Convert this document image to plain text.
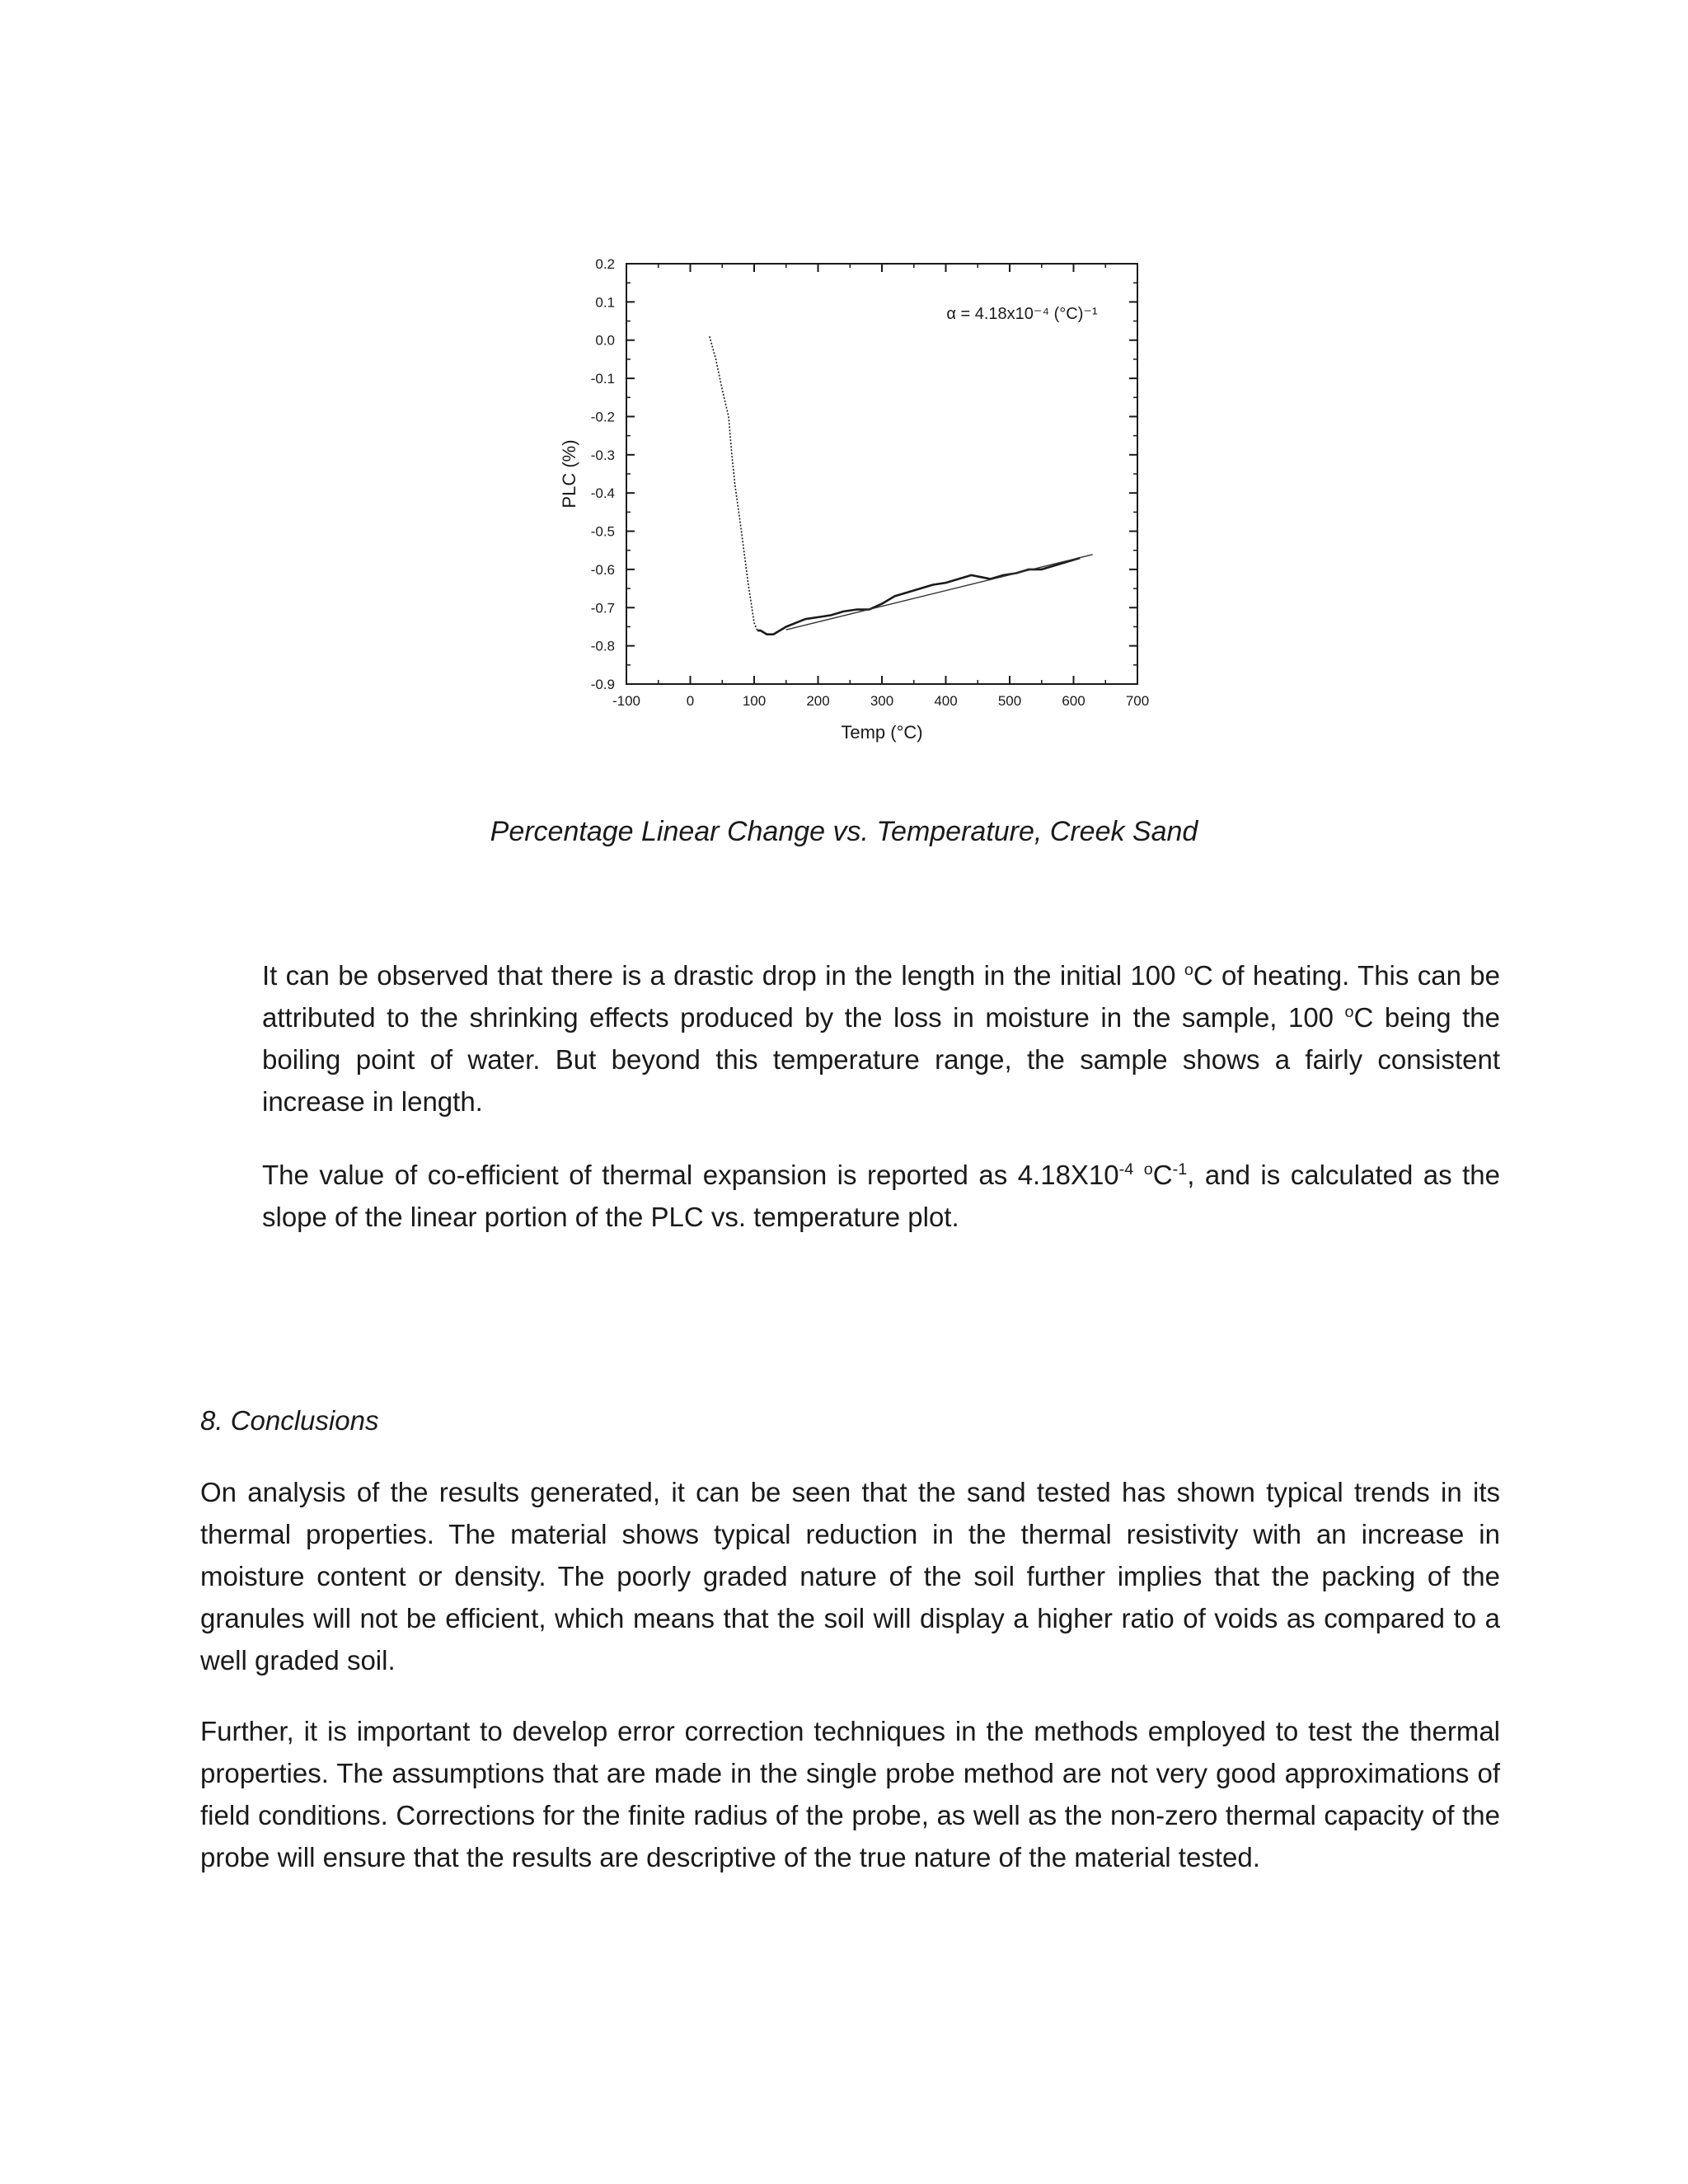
-100	0	100	200	300	400	500	600	700
0.2
0.1
0.0
-0.1
-0.2
-0.3
-0.4
-0.5
-0.6
-0.7
-0.8
-0.9
α = 4.18x10⁻⁴ (°C)⁻¹
Temp (°C)
PLC (%)
Percentage Linear Change vs. Temperature, Creek Sand

It can be observed that there is a drastic drop in the length in the initial 100 $^o$C of heating. This can be attributed to the shrinking effects produced by the loss in moisture in the sample, 100 $^o$C being the boiling point of water. But beyond this temperature range, the sample shows a fairly consistent increase in length.

The value of co-efficient of thermal expansion is reported as $4.18X10^{-4}$ $^oC^{-1}$, and is calculated as the slope of the linear portion of the PLC vs. temperature plot.

8. Conclusions

On analysis of the results generated, it can be seen that the sand tested has shown typical trends in its thermal properties. The material shows typical reduction in the thermal resistivity with an increase in moisture content or density. The poorly graded nature of the soil further implies that the packing of the granules will not be efficient, which means that the soil will display a higher ratio of voids as compared to a well graded soil.

Further, it is important to develop error correction techniques in the methods employed to test the thermal properties. The assumptions that are made in the single probe method are not very good approximations of field conditions. Corrections for the finite radius of the probe, as well as the non-zero thermal capacity of the probe will ensure that the results are descriptive of the true nature of the material tested.
